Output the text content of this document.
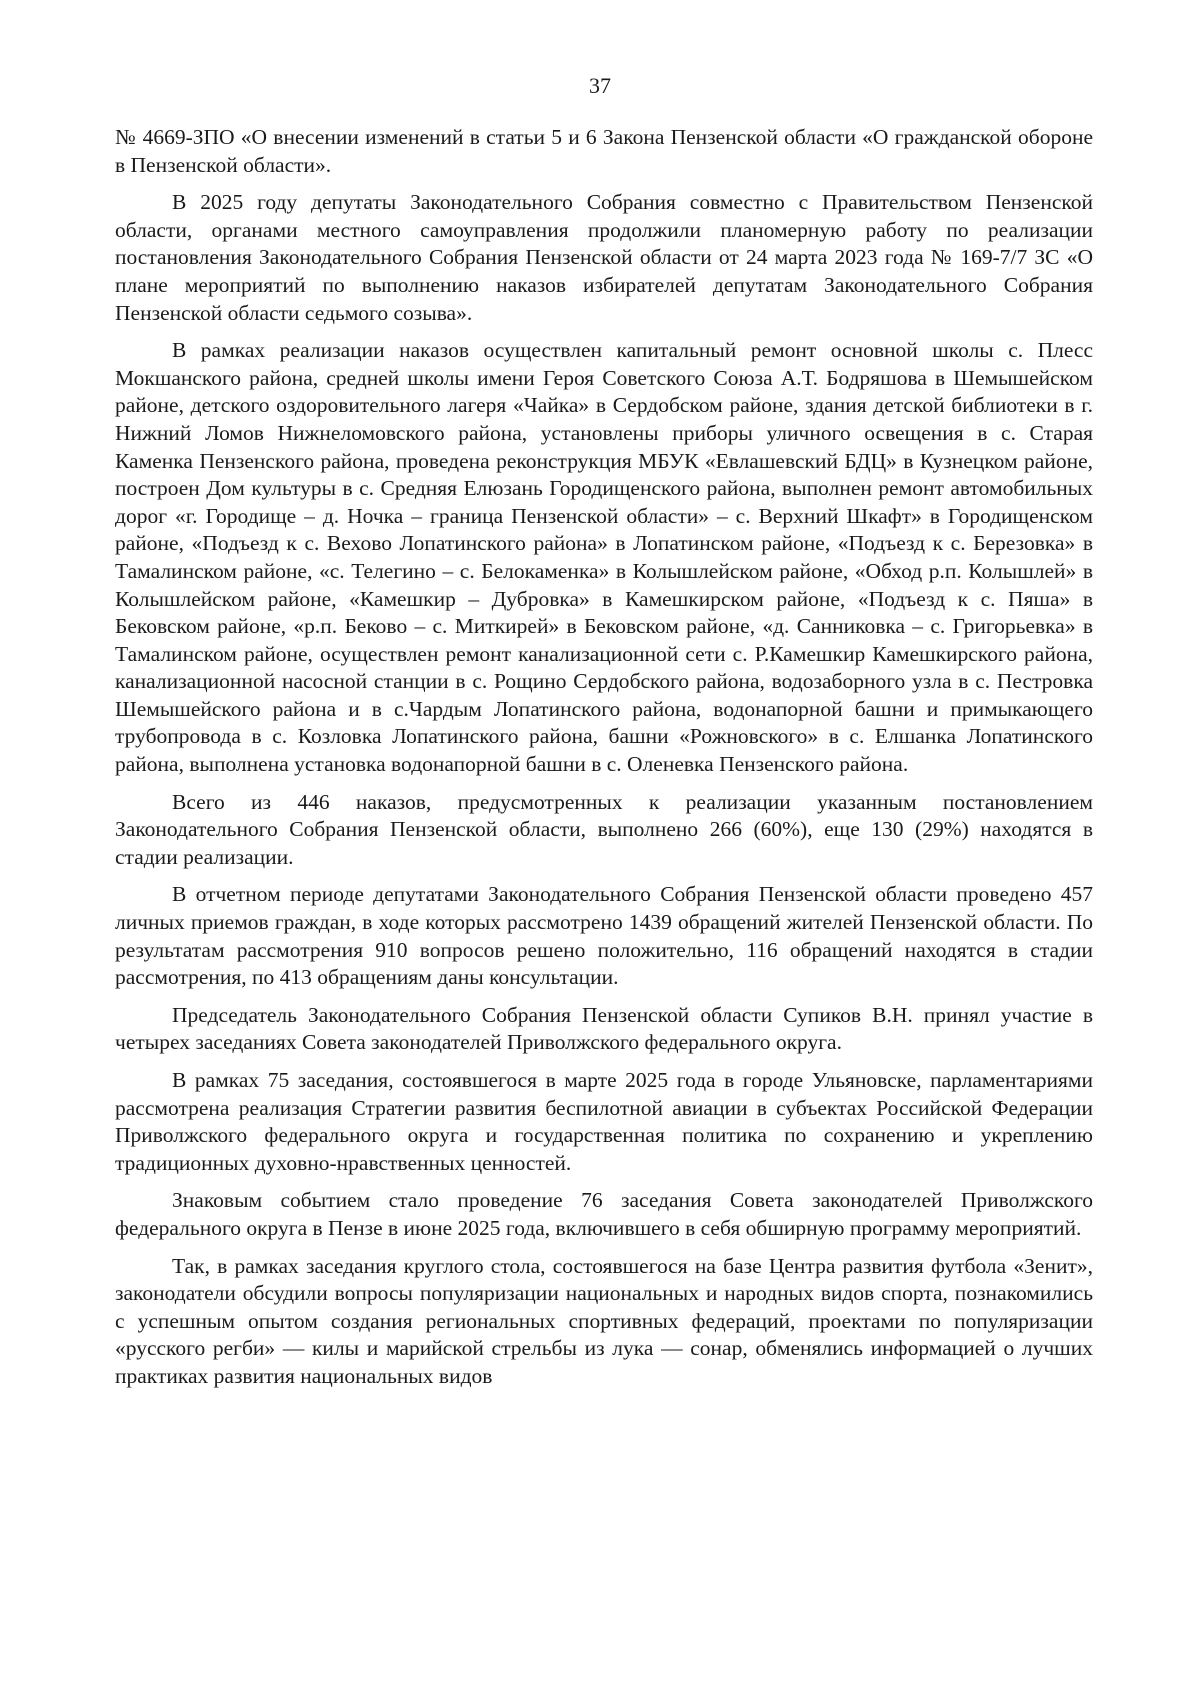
37

№ 4669-ЗПО «О внесении изменений в статьи 5 и 6 Закона Пензенской области «О гражданской обороне в Пензенской области».

В 2025 году депутаты Законодательного Собрания совместно с Правительством Пензенской области, органами местного самоуправления продолжили планомерную работу по реализации постановления Законодательного Собрания Пензенской области от 24 марта 2023 года № 169-7/7 ЗС «О плане мероприятий по выполнению наказов избирателей депутатам Законодательного Собрания Пензенской области седьмого созыва».

В рамках реализации наказов осуществлен капитальный ремонт основной школы с. Плесс Мокшанского района, средней школы имени Героя Советского Союза А.Т. Бодряшова в Шемышейском районе, детского оздоровительного лагеря «Чайка» в Сердобском районе, здания детской библиотеки в г. Нижний Ломов Нижнеломовского района, установлены приборы уличного освещения в с. Старая Каменка Пензенского района, проведена реконструкция МБУК «Евлашевский БДЦ» в Кузнецком районе, построен Дом культуры в с. Средняя Елюзань Городищенского района, выполнен ремонт автомобильных дорог «г. Городище – д. Ночка – граница Пензенской области» – с. Верхний Шкафт» в Городищенском районе, «Подъезд к с. Вехово Лопатинского района» в Лопатинском районе, «Подъезд к с. Березовка» в Тамалинском районе, «с. Телегино – с. Белокаменка» в Колышлейском районе, «Обход р.п. Колышлей» в Колышлейском районе, «Камешкир – Дубровка» в Камешкирском районе, «Подъезд к с. Пяша» в Бековском районе, «р.п. Беково – с. Миткирей» в Бековском районе, «д. Санниковка – с. Григорьевка» в Тамалинском районе, осуществлен ремонт канализационной сети с. Р.Камешкир Камешкирского района, канализационной насосной станции в с. Рощино Сердобского района, водозаборного узла в с. Пестровка Шемышейского района и в с.Чардым Лопатинского района, водонапорной башни и примыкающего трубопровода в с. Козловка Лопатинского района, башни «Рожновского» в с. Елшанка Лопатинского района, выполнена установка водонапорной башни в с. Оленевка Пензенского района.

Всего из 446 наказов, предусмотренных к реализации указанным постановлением Законодательного Собрания Пензенской области, выполнено 266 (60%), еще 130 (29%) находятся в стадии реализации.

В отчетном периоде депутатами Законодательного Собрания Пензенской области проведено 457 личных приемов граждан, в ходе которых рассмотрено 1439 обращений жителей Пензенской области. По результатам рассмотрения 910 вопросов решено положительно, 116 обращений находятся в стадии рассмотрения, по 413 обращениям даны консультации.

Председатель Законодательного Собрания Пензенской области Супиков В.Н. принял участие в четырех заседаниях Совета законодателей Приволжского федерального округа.

В рамках 75 заседания, состоявшегося в марте 2025 года в городе Ульяновске, парламентариями рассмотрена реализация Стратегии развития беспилотной авиации в субъектах Российской Федерации Приволжского федерального округа и государственная политика по сохранению и укреплению традиционных духовно-нравственных ценностей.

Знаковым событием стало проведение 76 заседания Совета законодателей Приволжского федерального округа в Пензе в июне 2025 года, включившего в себя обширную программу мероприятий.

Так, в рамках заседания круглого стола, состоявшегося на базе Центра развития футбола «Зенит», законодатели обсудили вопросы популяризации национальных и народных видов спорта, познакомились с успешным опытом создания региональных спортивных федераций, проектами по популяризации «русского регби» — килы и марийской стрельбы из лука — сонар, обменялись информацией о лучших практиках развития национальных видов
